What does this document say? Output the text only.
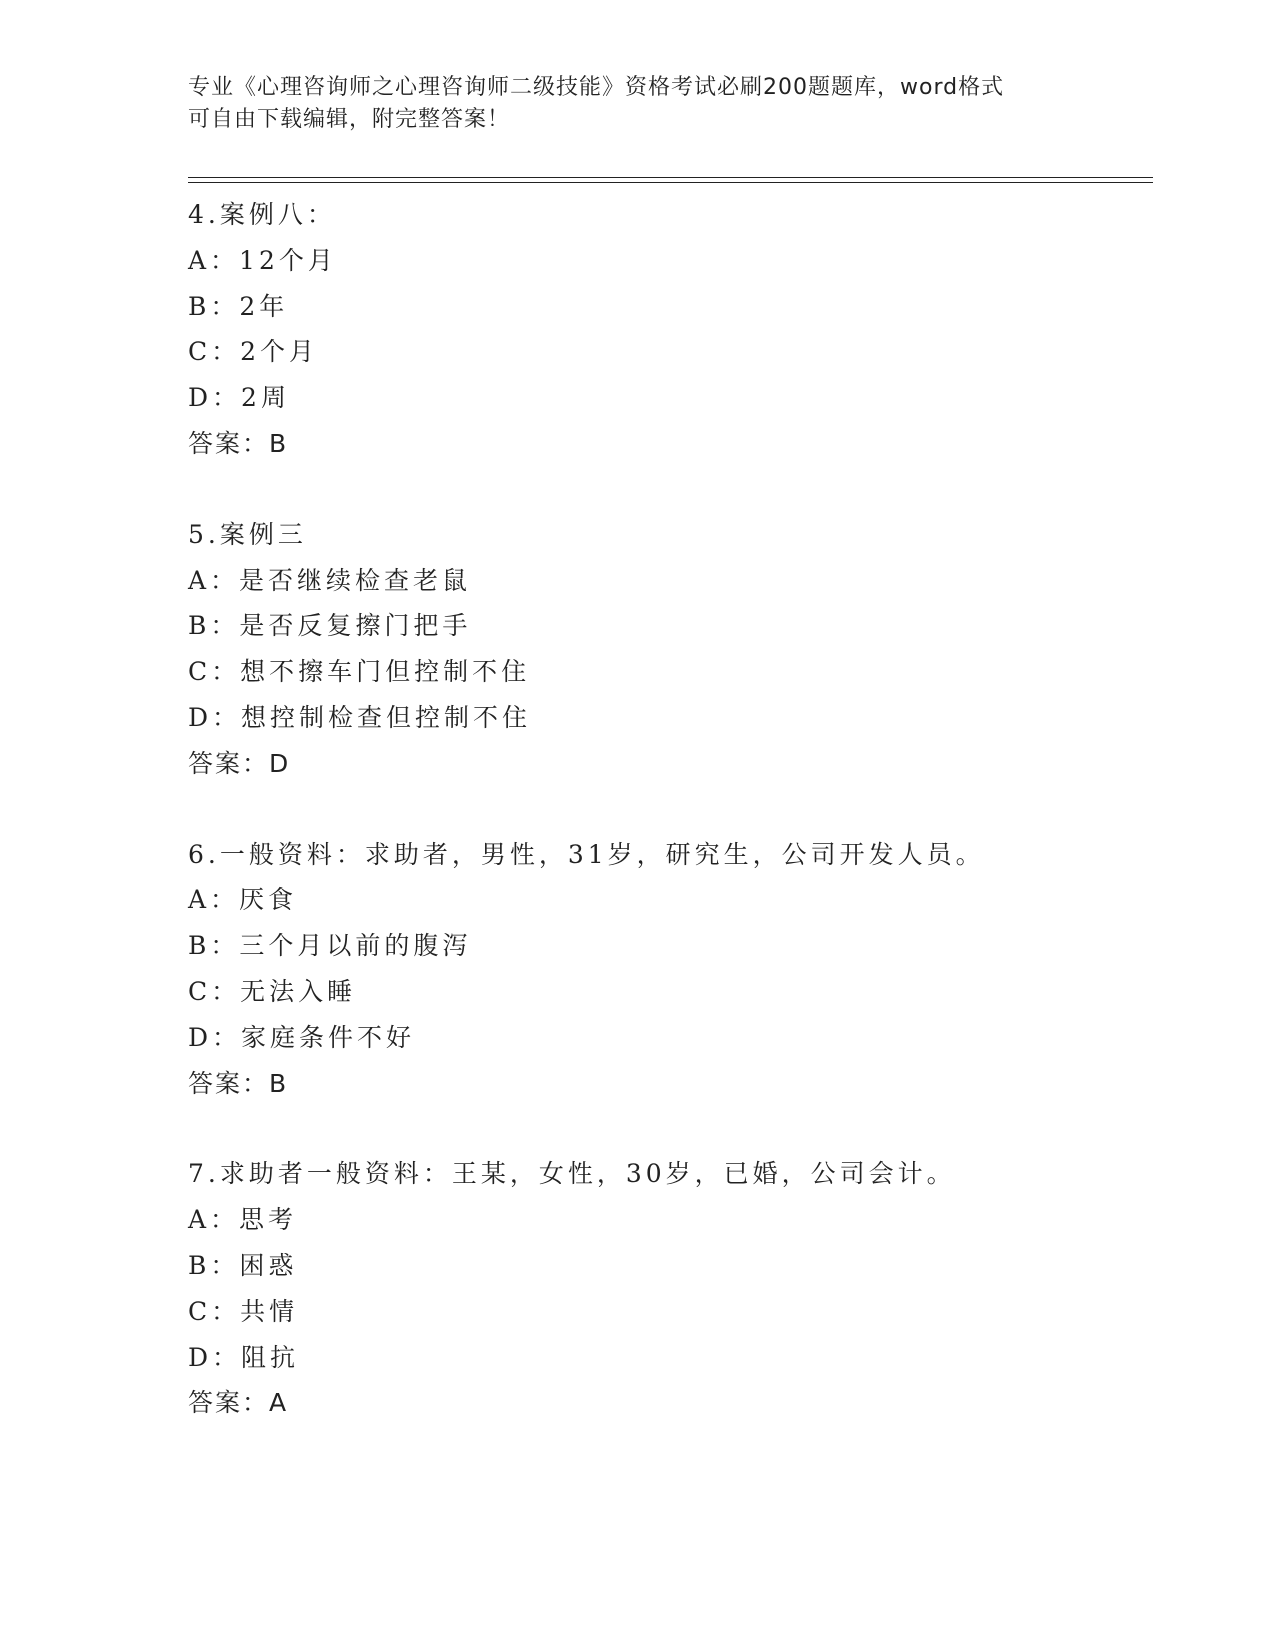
专业《心理咨询师之心理咨询师二级技能》资格考试必刷200题题库，word格式
可自由下载编辑，附完整答案！
4.案例八：
A：12个月
B：2年
C：2个月
D：2周
答案：B
5.案例三
A：是否继续检查老鼠
B：是否反复擦门把手
C：想不擦车门但控制不住
D：想控制检查但控制不住
答案：D
6.一般资料：求助者，男性，31岁，研究生，公司开发人员。
A：厌食
B：三个月以前的腹泻
C：无法入睡
D：家庭条件不好
答案：B
7.求助者一般资料：王某，女性，30岁，已婚，公司会计。
A：思考
B：困惑
C：共情
D：阻抗
答案：A
